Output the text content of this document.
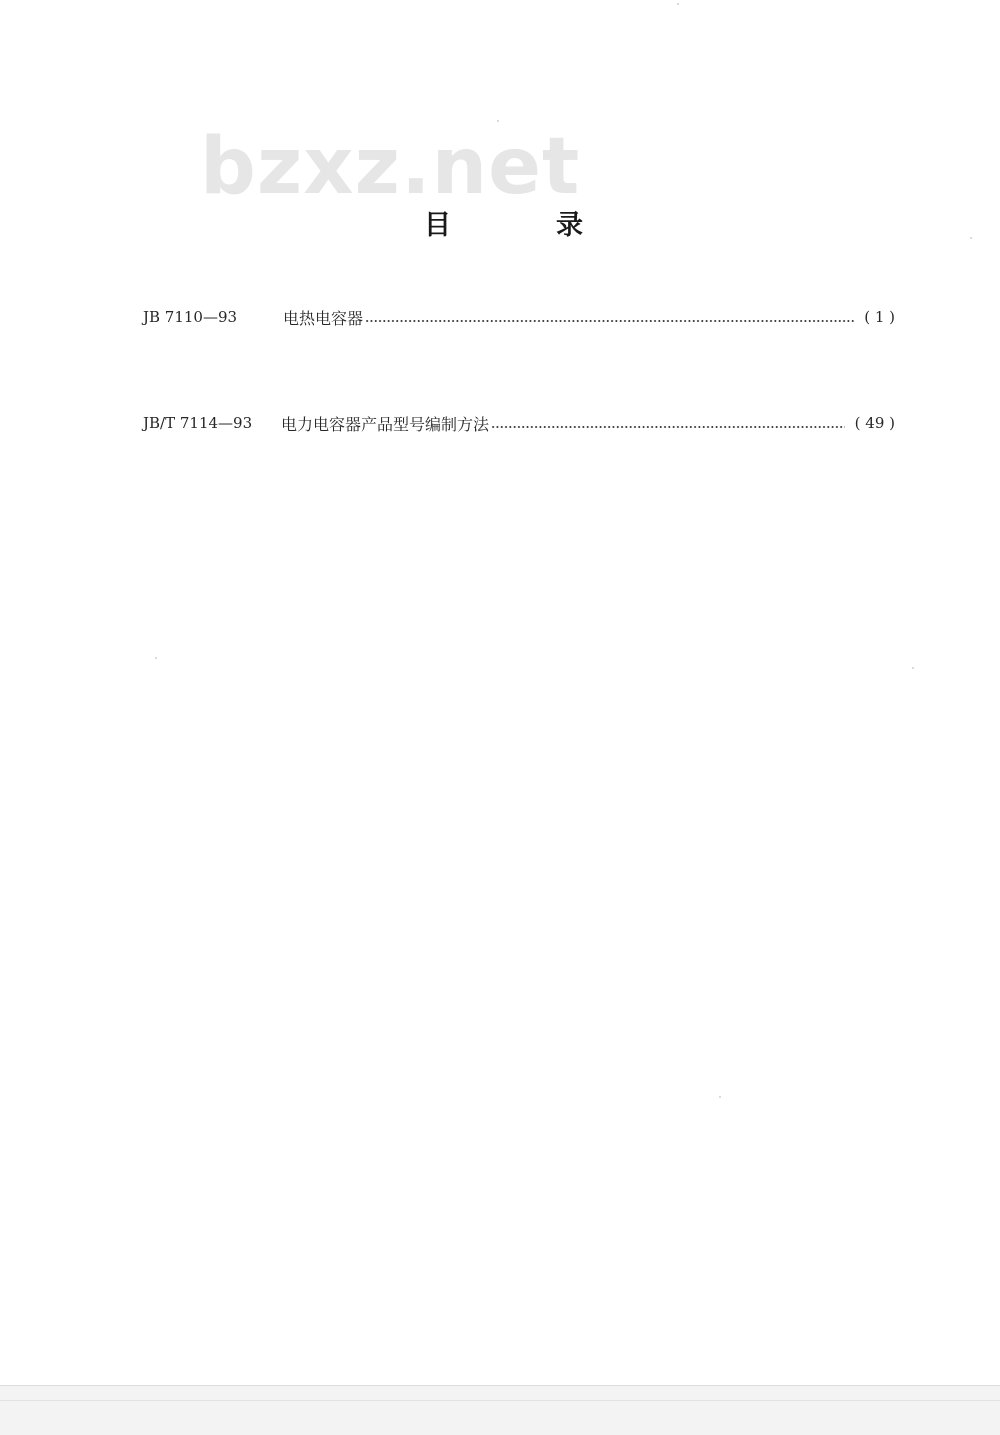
bzxz.net
目	录
JB 7110—93	电热电容器	( 1 )
JB/T 7114—93	电力电容器产品型号编制方法	( 49 )
